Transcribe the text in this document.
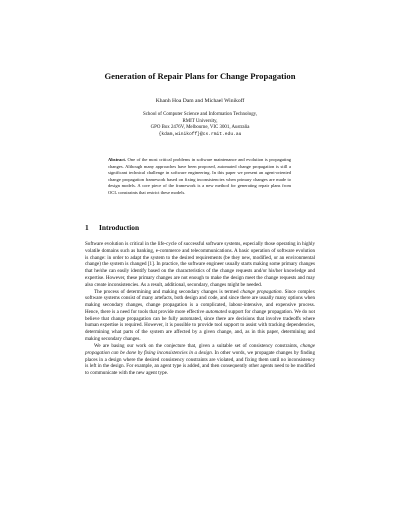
Generation of Repair Plans for Change Propagation
Khanh Hoa Dam and Michael Winikoff
School of Computer Science and Information Technology,
RMIT University,
GPO Box 2476V, Melbourne, VIC 3001, Australia
{kdam,winikoff}@cs.rmit.edu.au
Abstract. One of the most critical problems in software maintenance and evolution is propagating changes. Although many approaches have been proposed, automated change propagation is still a significant technical challenge in software engineering. In this paper we present an agent-oriented change propagation framework based on fixing inconsistencies when primary changes are made to design models. A core piece of the framework is a new method for generating repair plans from OCL constraints that restrict these models.
1 Introduction

Software evolution is critical in the life-cycle of successful software systems, especially those operating in highly volatile domains such as banking, e-commerce and telecommunications. A basic operation of software evolution is change: in order to adapt the system to the desired requirements (be they new, modified, or an environmental change) the system is changed [1]. In practice, the software engineer usually starts making some primary changes that he/she can easily identify based on the characteristics of the change requests and/or his/her knowledge and expertise. However, these primary changes are not enough to make the design meet the change requests and may also create inconsistencies. As a result, additional, secondary, changes might be needed.

The process of determining and making secondary changes is termed change propagation. Since complex software systems consist of many artefacts, both design and code, and since there are usually many options when making secondary changes, change propagation is a complicated, labour-intensive, and expensive process. Hence, there is a need for tools that provide more effective automated support for change propagation. We do not believe that change propagation can be fully automated, since there are decisions that involve tradeoffs where human expertise is required. However, it is possible to provide tool support to assist with tracking dependencies, determining what parts of the system are affected by a given change, and, as in this paper, determining and making secondary changes.

We are basing our work on the conjecture that, given a suitable set of consistency constraints, change propagation can be done by fixing inconsistencies in a design. In other words, we propagate changes by finding places in a design where the desired consistency constraints are violated, and fixing them until no inconsistency is left in the design. For example, an agent type is added, and then consequently other agents need to be modified to communicate with the new agent type.
